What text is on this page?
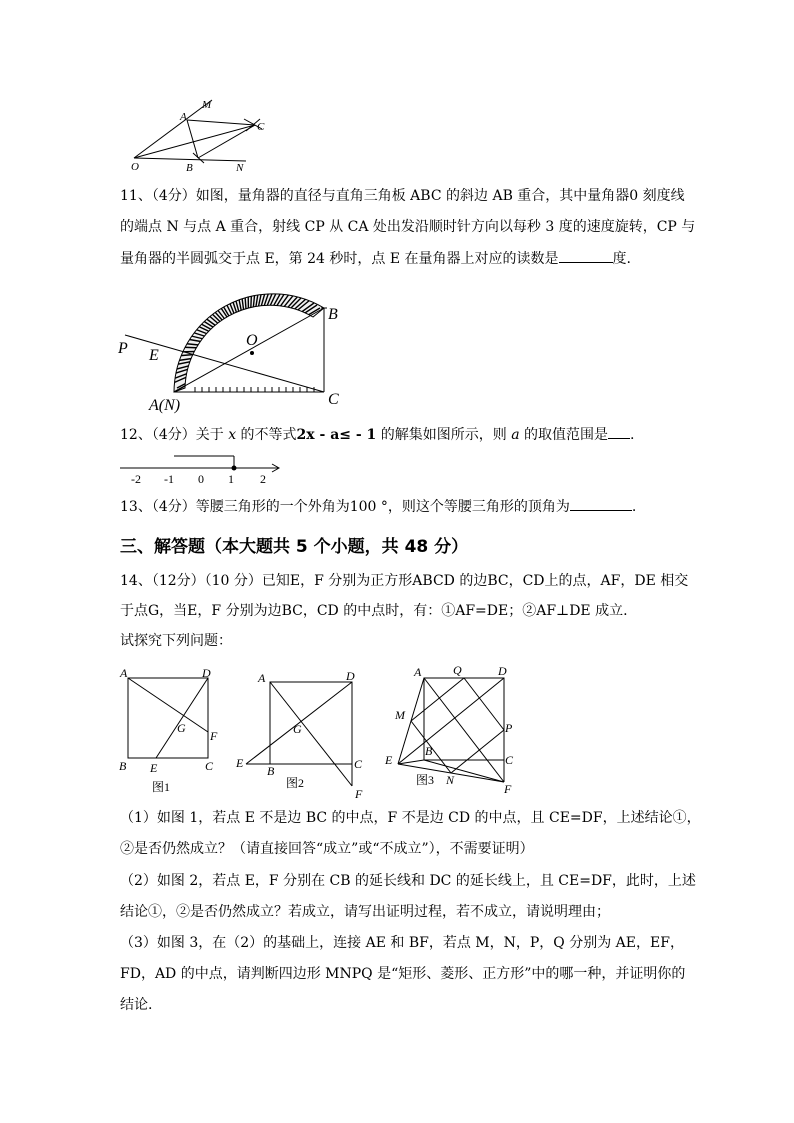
M
A
C
O	B	N
11、（4分）如图，量角器的直径与直角三角板 ABC 的斜边 AB 重合，其中量角器0 刻度线
的端点 N 与点 A 重合，射线 CP 从 CA 处出发沿顺时针方向以每秒 3 度的速度旋转，CP 与
量角器的半圆弧交于点 E，第 24 秒时，点 E 在量角器上对应的读数是	度.
P E
O
B
A(N)	C
12、（4分）关于 x 的不等式2x - a≤ - 1 的解集如图所示，则 a 的取值范围是 .
-2 -1 0 1 2
13、（4分）等腰三角形的一个外角为100 °，则这个等腰三角形的顶角为	.
三、解答题（本大题共 5 个小题，共 48 分）
14、（12分）（10 分）已知E，F 分别为正方形ABCD 的边BC，CD上的点，AF，DE 相交
于点G，当E，F 分别为边BC，CD 的中点时，有：①AF=DE；②AF⊥DE 成立.
试探究下列问题：
A	D
G
F
B E	C
图1
A	D
G
E
B	C
F
图2
A	Q	D
M
P
B
E	C
N
F
图3
（1）如图 1，若点 E 不是边 BC 的中点，F 不是边 CD 的中点，且 CE=DF，上述结论①，
②是否仍然成立？（请直接回答“成立”或“不成立”），不需要证明）
（2）如图 2，若点 E，F 分别在 CB 的延长线和 DC 的延长线上，且 CE=DF，此时，上述
结论①，②是否仍然成立？若成立，请写出证明过程，若不成立，请说明理由；
（3）如图 3，在（2）的基础上，连接 AE 和 BF，若点 M，N，P，Q 分别为 AE，EF，
FD，AD 的中点，请判断四边形 MNPQ 是“矩形、菱形、正方形”中的哪一种，并证明你的
结论.
